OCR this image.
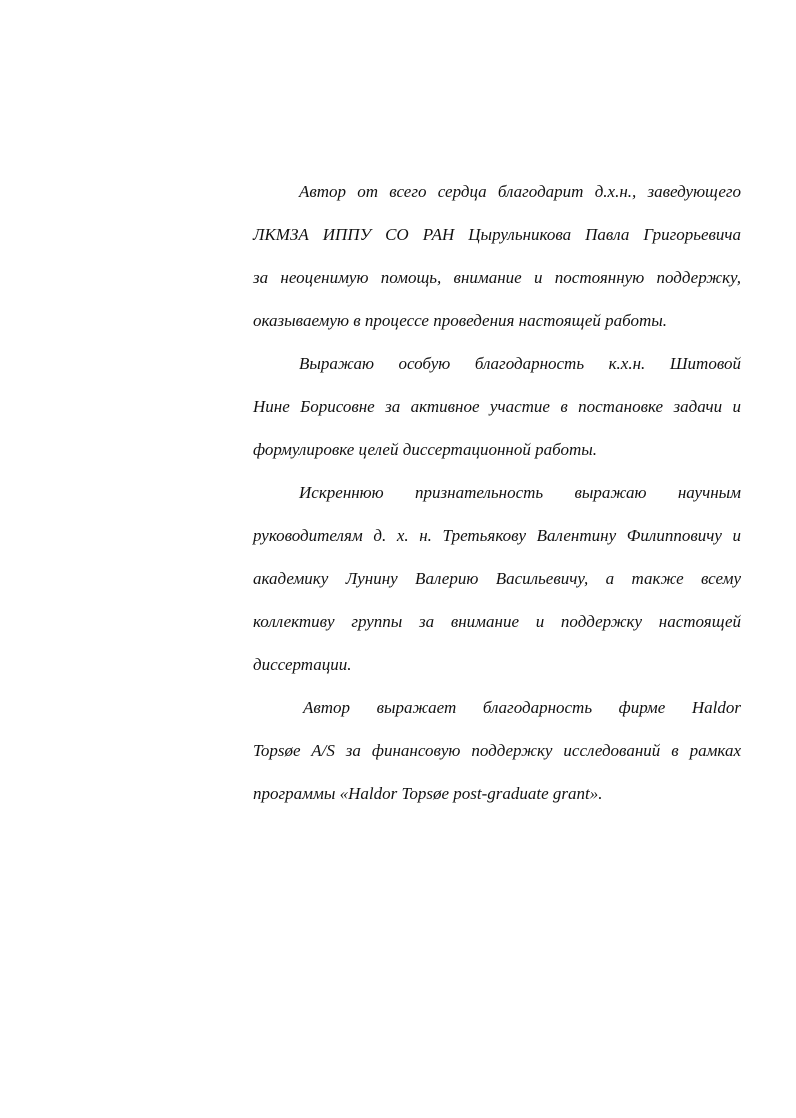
Автор от всего сердца благодарит д.х.н., заведующего
ЛКМЗА ИППУ СО РАН Цырульникова Павла Григорьевича
за неоценимую помощь, внимание и постоянную поддержку,
оказываемую в процессе проведения настоящей работы.
Выражаю особую благодарность к.х.н. Шитовой
Нине Борисовне за активное участие в постановке задачи и
формулировке целей диссертационной работы.
Искреннюю признательность выражаю научным
руководителям д. х. н. Третьякову Валентину Филипповичу и
академику Лунину Валерию Васильевичу, а также всему
коллективу группы за внимание и поддержку настоящей
диссертации.
Автор выражает благодарность фирме Haldor
Topsøe A/S за финансовую поддержку исследований в рамках
программы «Haldor Topsøe post-graduate grant».
